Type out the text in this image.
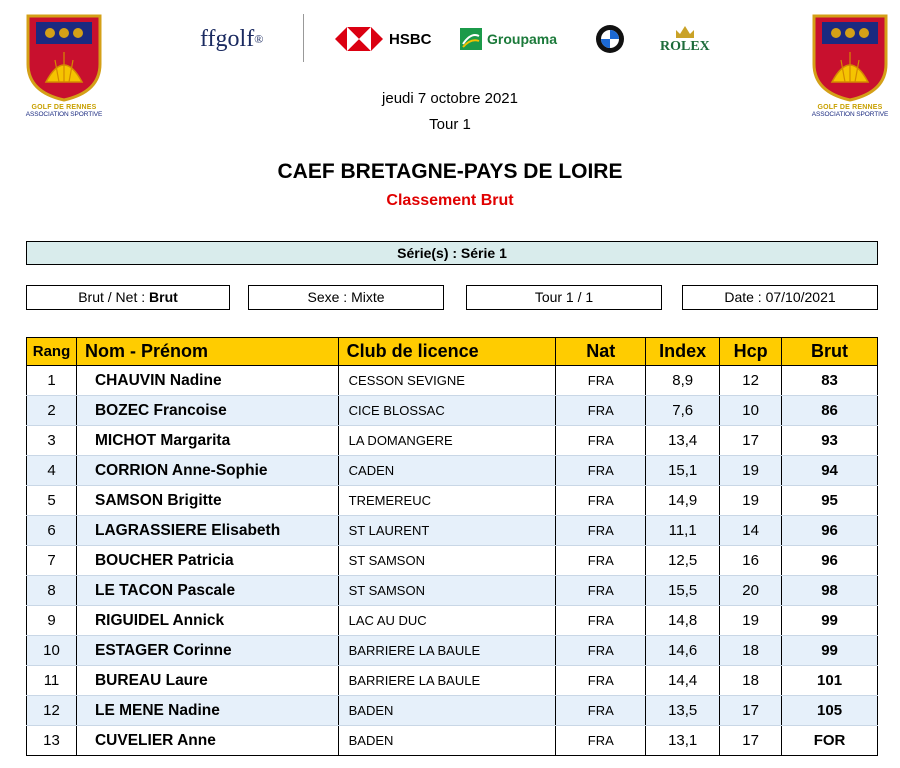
GOLF DE RENNES
ASSOCIATION SPORTIVE
GOLF DE RENNES
ASSOCIATION SPORTIVE
ffgolf ®	HSBC	Groupama	ROLEX
jeudi 7 octobre 2021
Tour 1
CAEF BRETAGNE-PAYS DE LOIRE
Classement Brut
Série(s) : Série 1
Brut / Net : Brut	Sexe : Mixte	Tour 1 / 1	Date : 07/10/2021
Rang	Nom - Prénom	Club de licence	Nat	Index	Hcp	Brut
1	CHAUVIN Nadine	CESSON SEVIGNE	FRA	8,9	12	83
2	BOZEC Francoise	CICE BLOSSAC	FRA	7,6	10	86
3	MICHOT Margarita	LA DOMANGERE	FRA	13,4	17	93
4	CORRION Anne-Sophie	CADEN	FRA	15,1	19	94
5	SAMSON Brigitte	TREMEREUC	FRA	14,9	19	95
6	LAGRASSIERE Elisabeth	ST LAURENT	FRA	11,1	14	96
7	BOUCHER Patricia	ST SAMSON	FRA	12,5	16	96
8	LE TACON Pascale	ST SAMSON	FRA	15,5	20	98
9	RIGUIDEL Annick	LAC AU DUC	FRA	14,8	19	99
10	ESTAGER Corinne	BARRIERE LA BAULE	FRA	14,6	18	99
11	BUREAU Laure	BARRIERE LA BAULE	FRA	14,4	18	101
12	LE MENE Nadine	BADEN	FRA	13,5	17	105
13	CUVELIER Anne	BADEN	FRA	13,1	17	FOR
